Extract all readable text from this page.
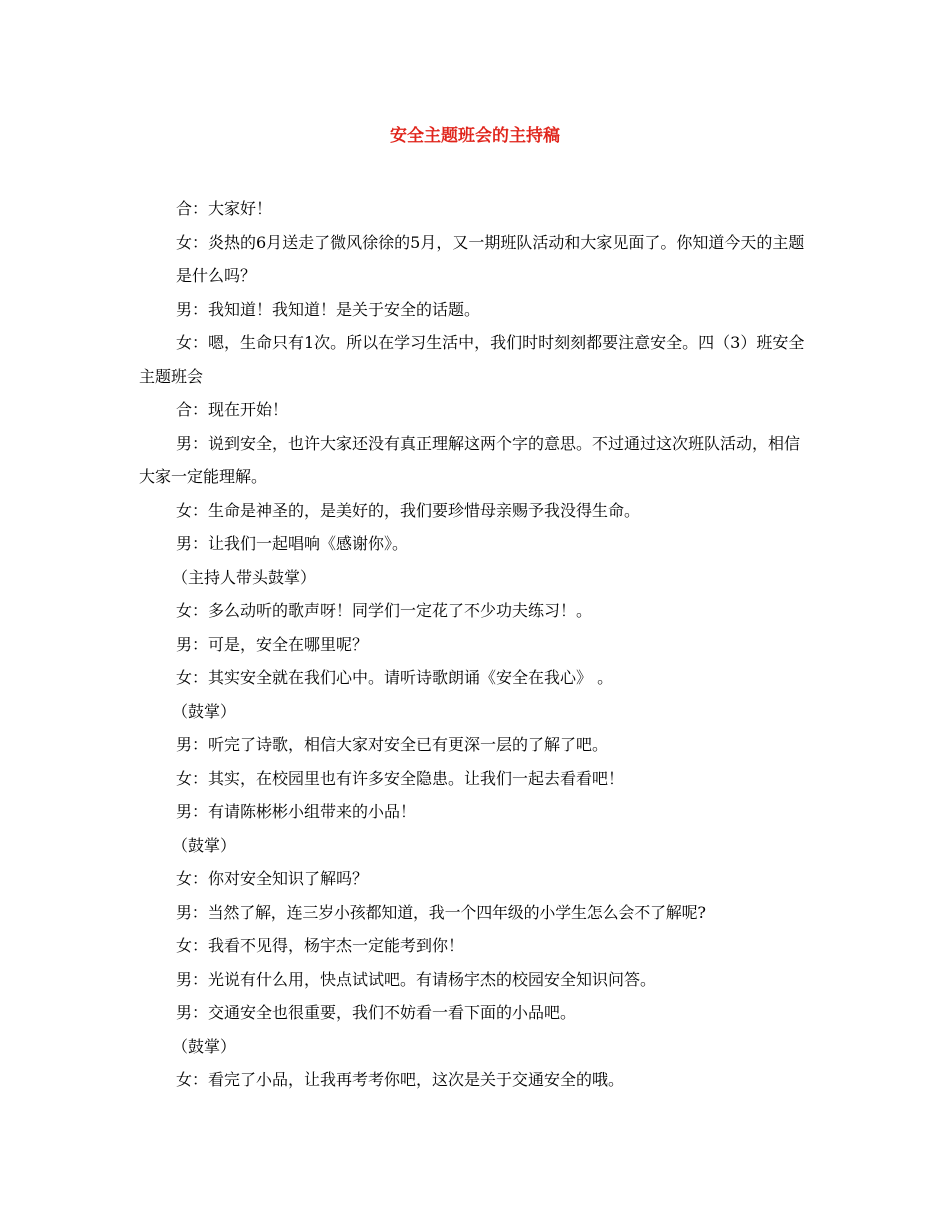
安全主题班会的主持稿

合：大家好！

女：炎热的6月送走了微风徐徐的5月，又一期班队活动和大家见面了。你知道今天的主题是什么吗？

男：我知道！我知道！是关于安全的话题。

女：嗯，生命只有1次。所以在学习生活中，我们时时刻刻都要注意安全。四（3）班安全主题班会

合：现在开始！

男：说到安全，也许大家还没有真正理解这两个字的意思。不过通过这次班队活动，相信大家一定能理解。

女：生命是神圣的，是美好的，我们要珍惜母亲赐予我没得生命。

男：让我们一起唱响《感谢你》。

（主持人带头鼓掌）

女：多么动听的歌声呀！同学们一定花了不少功夫练习！。

男：可是，安全在哪里呢？

女：其实安全就在我们心中。请听诗歌朗诵《安全在我心》 。

（鼓掌）

男：听完了诗歌，相信大家对安全已有更深一层的了解了吧。

女：其实，在校园里也有许多安全隐患。让我们一起去看看吧！

男：有请陈彬彬小组带来的小品！

（鼓掌）

女：你对安全知识了解吗？

男：当然了解，连三岁小孩都知道，我一个四年级的小学生怎么会不了解呢?

女：我看不见得，杨宇杰一定能考到你！

男：光说有什么用，快点试试吧。有请杨宇杰的校园安全知识问答。

男：交通安全也很重要，我们不妨看一看下面的小品吧。

（鼓掌）

女：看完了小品，让我再考考你吧，这次是关于交通安全的哦。
